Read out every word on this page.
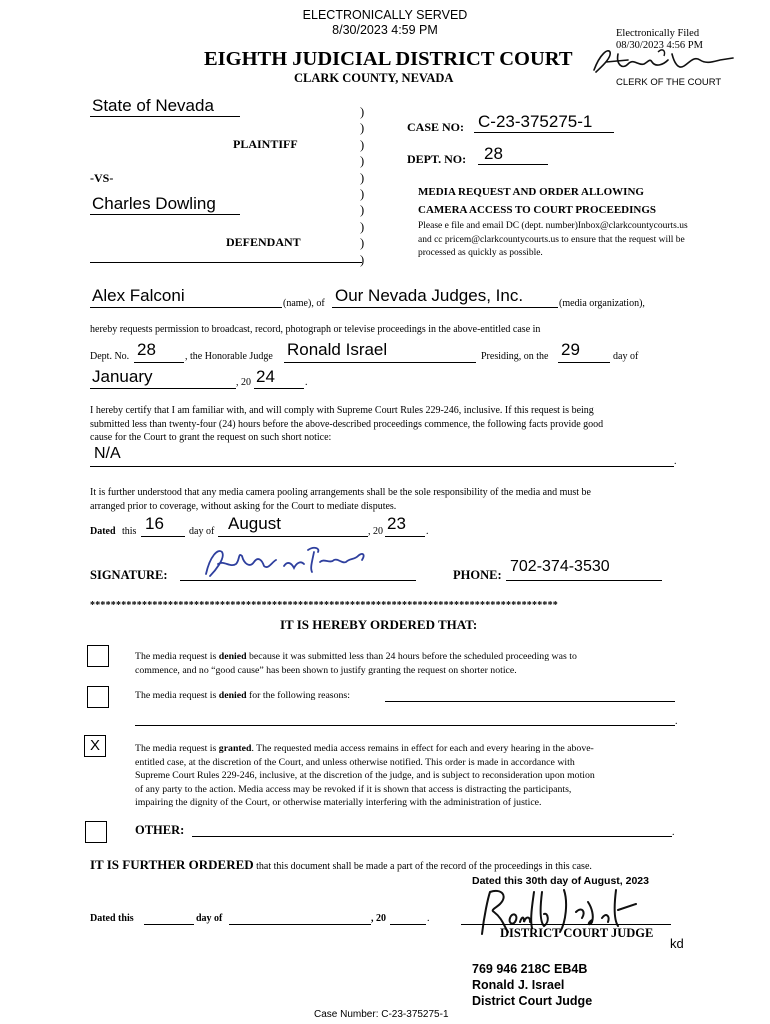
ELECTRONICALLY SERVED
8/30/2023 4:59 PM	Electronically Filed
08/30/2023 4:56 PM
CLERK OF THE COURT
EIGHTH JUDICIAL DISTRICT COURT
CLARK COUNTY, NEVADA
State of Nevada
PLAINTIFF
-VS-
Charles Dowling
DEFENDANT
)
)
)
)
)
)
)
)
)
)
CASE NO: C-23-375275-1
DEPT. NO: 28
MEDIA REQUEST AND ORDER ALLOWING
CAMERA ACCESS TO COURT PROCEEDINGS
Please e file and email DC (dept. number)Inbox@clarkcountycourts.us
and cc pricem@clarkcountycourts.us to ensure that the request will be
processed as quickly as possible.
Alex Falconi	(name), of Our Nevada Judges, Inc.	(media organization),
hereby requests permission to broadcast, record, photograph or televise proceedings in the above-entitled case in
Dept. No. 28	, the Honorable Judge Ronald Israel	Presiding, on the 29	day of
January	, 20 24	.
I hereby certify that I am familiar with, and will comply with Supreme Court Rules 229-246, inclusive. If this request is being
submitted less than twenty-four (24) hours before the above-described proceedings commence, the following facts provide good
cause for the Court to grant the request on such short notice:
N/A	.
It is further understood that any media camera pooling arrangements shall be the sole responsibility of the media and must be
arranged prior to coverage, without asking for the Court to mediate disputes.
Dated this 16	day of August	, 20 23 .
SIGNATURE:	PHONE: 702-374-3530
******************************************************************************************
IT IS HEREBY ORDERED THAT:
The media request is denied because it was submitted less than 24 hours before the scheduled proceeding was to
commence, and no “good cause” has been shown to justify granting the request on shorter notice.
The media request is denied for the following reasons:
.
X	The media request is granted. The requested media access remains in effect for each and every hearing in the above-
entitled case, at the discretion of the Court, and unless otherwise notified. This order is made in accordance with
Supreme Court Rules 229-246, inclusive, at the discretion of the judge, and is subject to reconsideration upon motion
of any party to the action. Media access may be revoked if it is shown that access is distracting the participants,
impairing the dignity of the Court, or otherwise materially interfering with the administration of justice.
OTHER:	.
IT IS FURTHER ORDERED that this document shall be made a part of the record of the proceedings in this case.
Dated this 30th day of August, 2023
Dated this	day of	, 20	.
DISTRICT COURT JUDGE
kd
769 946 218C EB4B
Ronald J. Israel
District Court Judge
Case Number: C-23-375275-1
